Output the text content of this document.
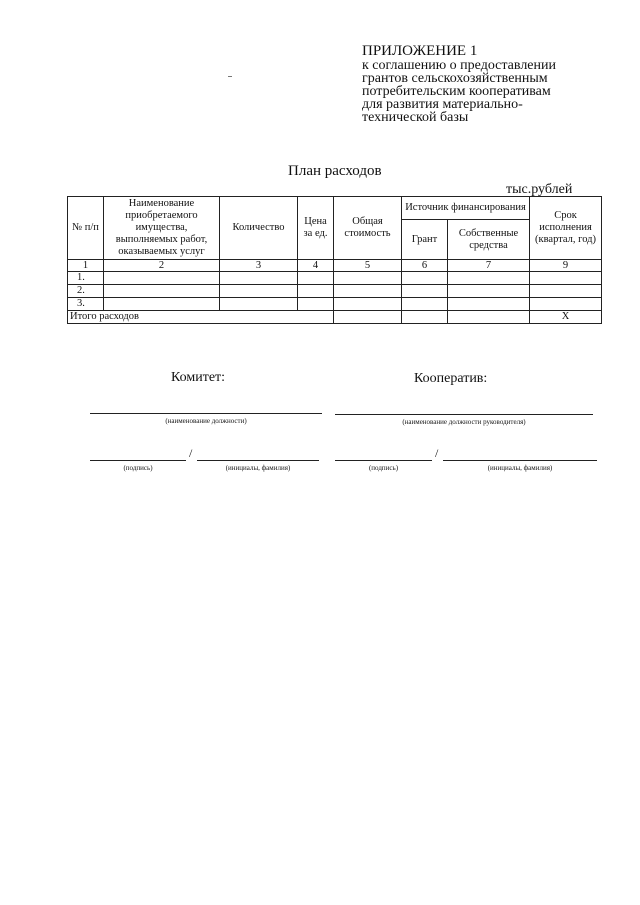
ПРИЛОЖЕНИЕ 1
к соглашению о предоставлении
грантов сельскохозяйственным
потребительским кооперативам
для развития материально-
технической базы
План расходов
тыс.рублей
№ п/п	Наименование приобретаемого имущества, выполняемых работ, оказываемых услуг	Количество	Цена за ед.	Общая стоимость	Источник финансирования		Срок исполнения (квартал, год)
					Грант	Собственные средства	
1	2	3	4	5	6	7	9
1.							
2.							
3.							
Итого расходов							X
Комитет:
(наименование должности)
/
(подпись)	(инициалы, фамилия)
Кооператив:
(наименование должности руководителя)
/
(подпись)	(инициалы, фамилия)
